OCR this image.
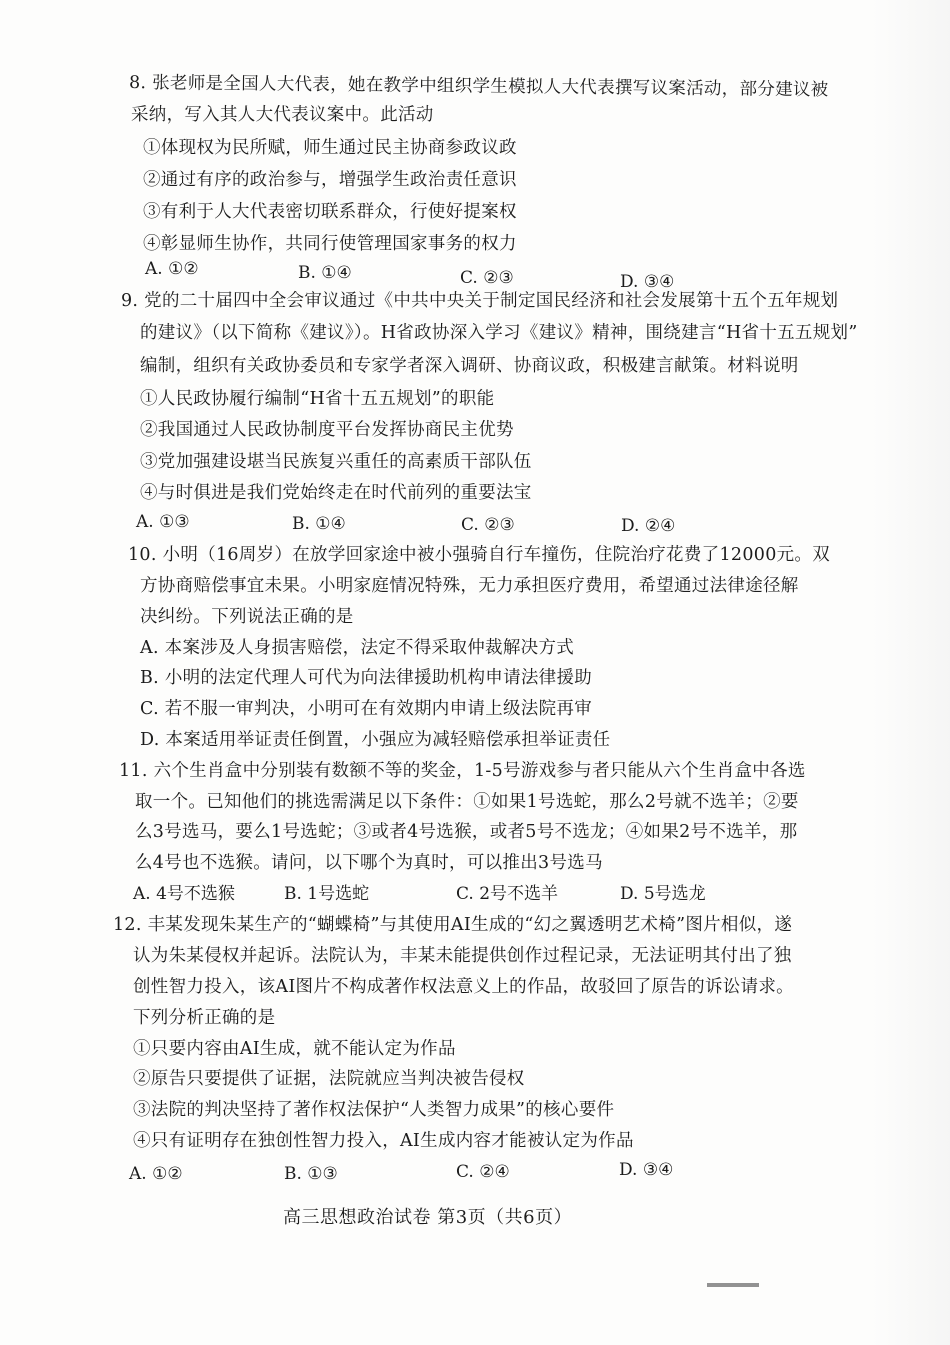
8. 张老师是全国人大代表，她在教学中组织学生模拟人大代表撰写议案活动，部分建议被
采纳，写入其人大代表议案中。此活动
①体现权为民所赋，师生通过民主协商参政议政
②通过有序的政治参与，增强学生政治责任意识
③有利于人大代表密切联系群众，行使好提案权
④彰显师生协作，共同行使管理国家事务的权力
A. ①②	B. ①④	C. ②③	D. ③④
9. 党的二十届四中全会审议通过《中共中央关于制定国民经济和社会发展第十五个五年规划
的建议》（以下简称《建议》）。H省政协深入学习《建议》精神，围绕建言“H省十五五规划”
编制，组织有关政协委员和专家学者深入调研、协商议政，积极建言献策。材料说明
①人民政协履行编制“H省十五五规划”的职能
②我国通过人民政协制度平台发挥协商民主优势
③党加强建设堪当民族复兴重任的高素质干部队伍
④与时俱进是我们党始终走在时代前列的重要法宝
A. ①③	B. ①④	C. ②③	D. ②④
10. 小明（16周岁）在放学回家途中被小强骑自行车撞伤，住院治疗花费了12000元。双
方协商赔偿事宜未果。小明家庭情况特殊，无力承担医疗费用，希望通过法律途径解
决纠纷。下列说法正确的是
A. 本案涉及人身损害赔偿，法定不得采取仲裁解决方式
B. 小明的法定代理人可代为向法律援助机构申请法律援助
C. 若不服一审判决，小明可在有效期内申请上级法院再审
D. 本案适用举证责任倒置，小强应为减轻赔偿承担举证责任
11. 六个生肖盒中分别装有数额不等的奖金，1-5号游戏参与者只能从六个生肖盒中各选
取一个。已知他们的挑选需满足以下条件：①如果1号选蛇，那么2号就不选羊；②要
么3号选马，要么1号选蛇；③或者4号选猴，或者5号不选龙；④如果2号不选羊，那
么4号也不选猴。请问，以下哪个为真时，可以推出3号选马
A. 4号不选猴	B. 1号选蛇	C. 2号不选羊	D. 5号选龙
12. 丰某发现朱某生产的“蝴蝶椅”与其使用AI生成的“幻之翼透明艺术椅”图片相似，遂
认为朱某侵权并起诉。法院认为，丰某未能提供创作过程记录，无法证明其付出了独
创性智力投入，该AI图片不构成著作权法意义上的作品，故驳回了原告的诉讼请求。
下列分析正确的是
①只要内容由AI生成，就不能认定为作品
②原告只要提供了证据，法院就应当判决被告侵权
③法院的判决坚持了著作权法保护“人类智力成果”的核心要件
④只有证明存在独创性智力投入，AI生成内容才能被认定为作品
A. ①②	B. ①③	C. ②④	D. ③④
高三思想政治试卷 第3页（共6页）
